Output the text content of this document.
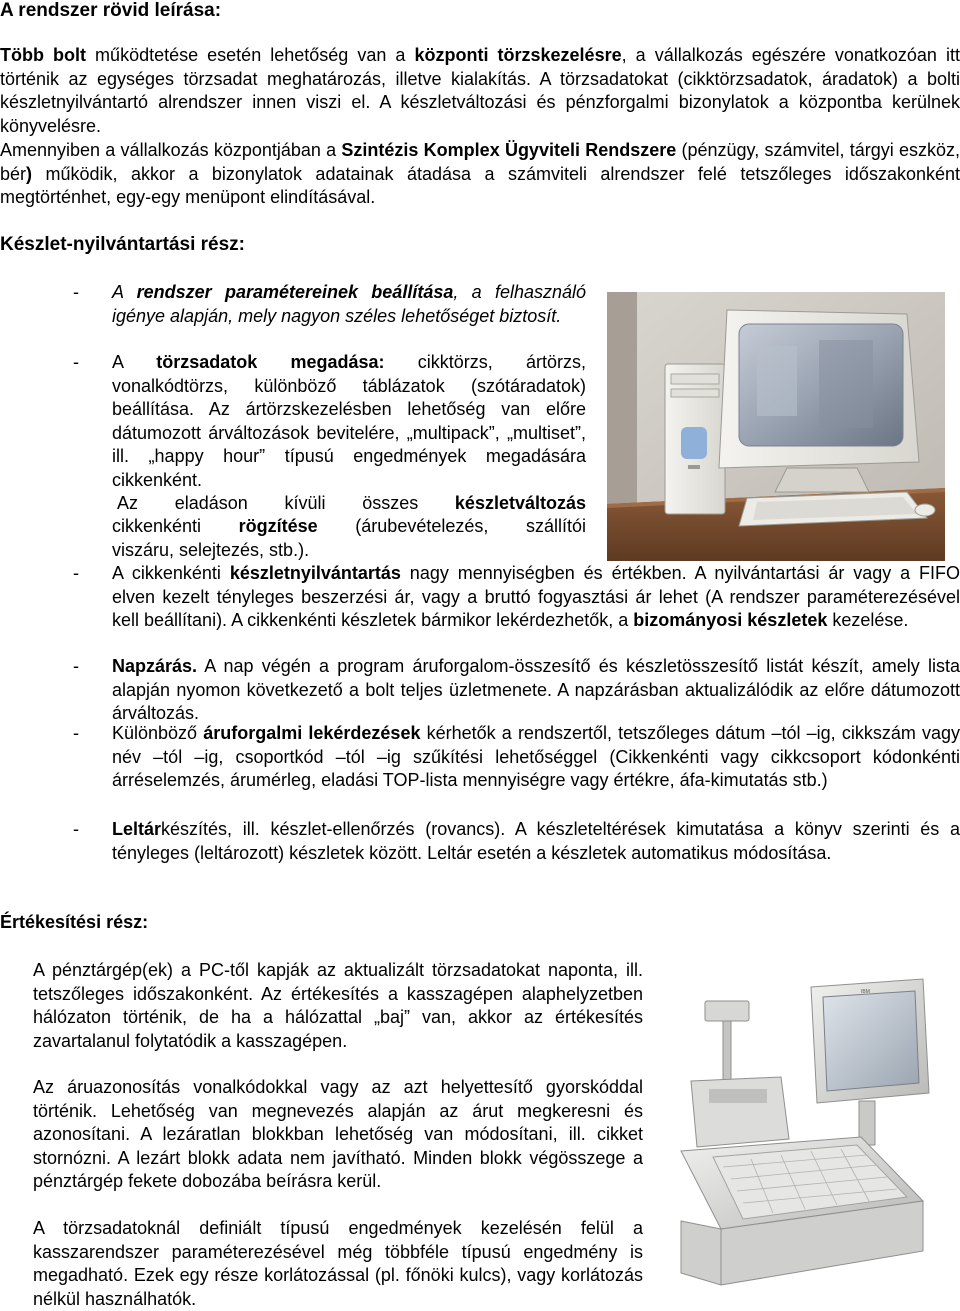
A rendszer rövid leírása:
Több bolt működtetése esetén lehetőség van a központi törzskezelésre, a vállalkozás egészére vonatkozóan itt történik az egységes törzsadat meghatározás, illetve kialakítás. A törzsadatokat (cikktörzsadatok, áradatok) a bolti készletnyilvántartó alrendszer innen viszi el. A készletváltozási és pénzforgalmi bizonylatok a központba kerülnek könyvelésre.
Amennyiben a vállalkozás központjában a Szintézis Komplex Ügyviteli Rendszere (pénzügy, számvitel, tárgyi eszköz, bér) működik, akkor a bizonylatok adatainak átadása a számviteli alrendszer felé tetszőleges időszakonként megtörténhet, egy-egy menüpont elindításával.
Készlet-nyilvántartási rész:
- A rendszer paramétereinek beállítása, a felhasználó igénye alapján, mely nagyon széles lehetőséget biztosít.
- A törzsadatok megadása: cikktörzs, ártörzs, vonalkódtörzs, különböző táblázatok (szótáradatok) beállítása. Az ártörzskezelésben lehetőség van előre dátumozott árváltozások bevitelére, „multipack”, „multiset”, ill. „happy hour” típusú engedmények megadására cikkenként.
Az eladáson kívüli összes készletváltozás
cikkenkénti rögzítése (árubevételezés, szállítói
viszáru, selejtezés, stb.).
- A cikkenkénti készletnyilvántartás nagy mennyiségben és értékben. A nyilvántartási ár vagy a FIFO elven kezelt tényleges beszerzési ár, vagy a bruttó fogyasztási ár lehet (A rendszer paraméterezésével kell beállítani). A cikkenkénti készletek bármikor lekérdezhetők, a bizományosi készletek kezelése.
- Napzárás. A nap végén a program áruforgalom-összesítő és készletösszesítő listát készít, amely lista alapján nyomon következető a bolt teljes üzletmenete. A napzárásban aktualizálódik az előre dátumozott árváltozás.
- Különböző áruforgalmi lekérdezések kérhetők a rendszertől, tetszőleges dátum –tól –ig, cikkszám vagy név –tól –ig, csoportkód –tól –ig szűkítési lehetőséggel (Cikkenkénti vagy cikkcsoport kódonkénti árréselemzés, árumérleg, eladási TOP-lista mennyiségre vagy értékre, áfa-kimutatás stb.)
- Leltárkészítés, ill. készlet-ellenőrzés (rovancs). A készleteltérések kimutatása a könyv szerinti és a tényleges (leltározott) készletek között. Leltár esetén a készletek automatikus módosítása.
Értékesítési rész:
A pénztárgép(ek) a PC-től kapják az aktualizált törzsadatokat naponta, ill. tetszőleges időszakonként. Az értékesítés a kasszagépen alaphelyzetben hálózaton történik, de ha a hálózattal „baj” van, akkor az értékesítés zavartalanul folytatódik a kasszagépen.
Az áruazonosítás vonalkódokkal vagy az azt helyettesítő gyorskóddal történik. Lehetőség van megnevezés alapján az árut megkeresni és azonosítani. A lezáratlan blokkban lehetőség van módosítani, ill. cikket stornózni. A lezárt blokk adata nem javítható. Minden blokk végösszege a pénztárgép fekete dobozába beírásra kerül.
A törzsadatoknál definiált típusú engedmények kezelésén felül a kasszarendszer paraméterezésével még többféle típusú engedmény is megadható. Ezek egy része korlátozással (pl. főnöki kulcs), vagy korlátozás nélkül használhatók.
IBM
